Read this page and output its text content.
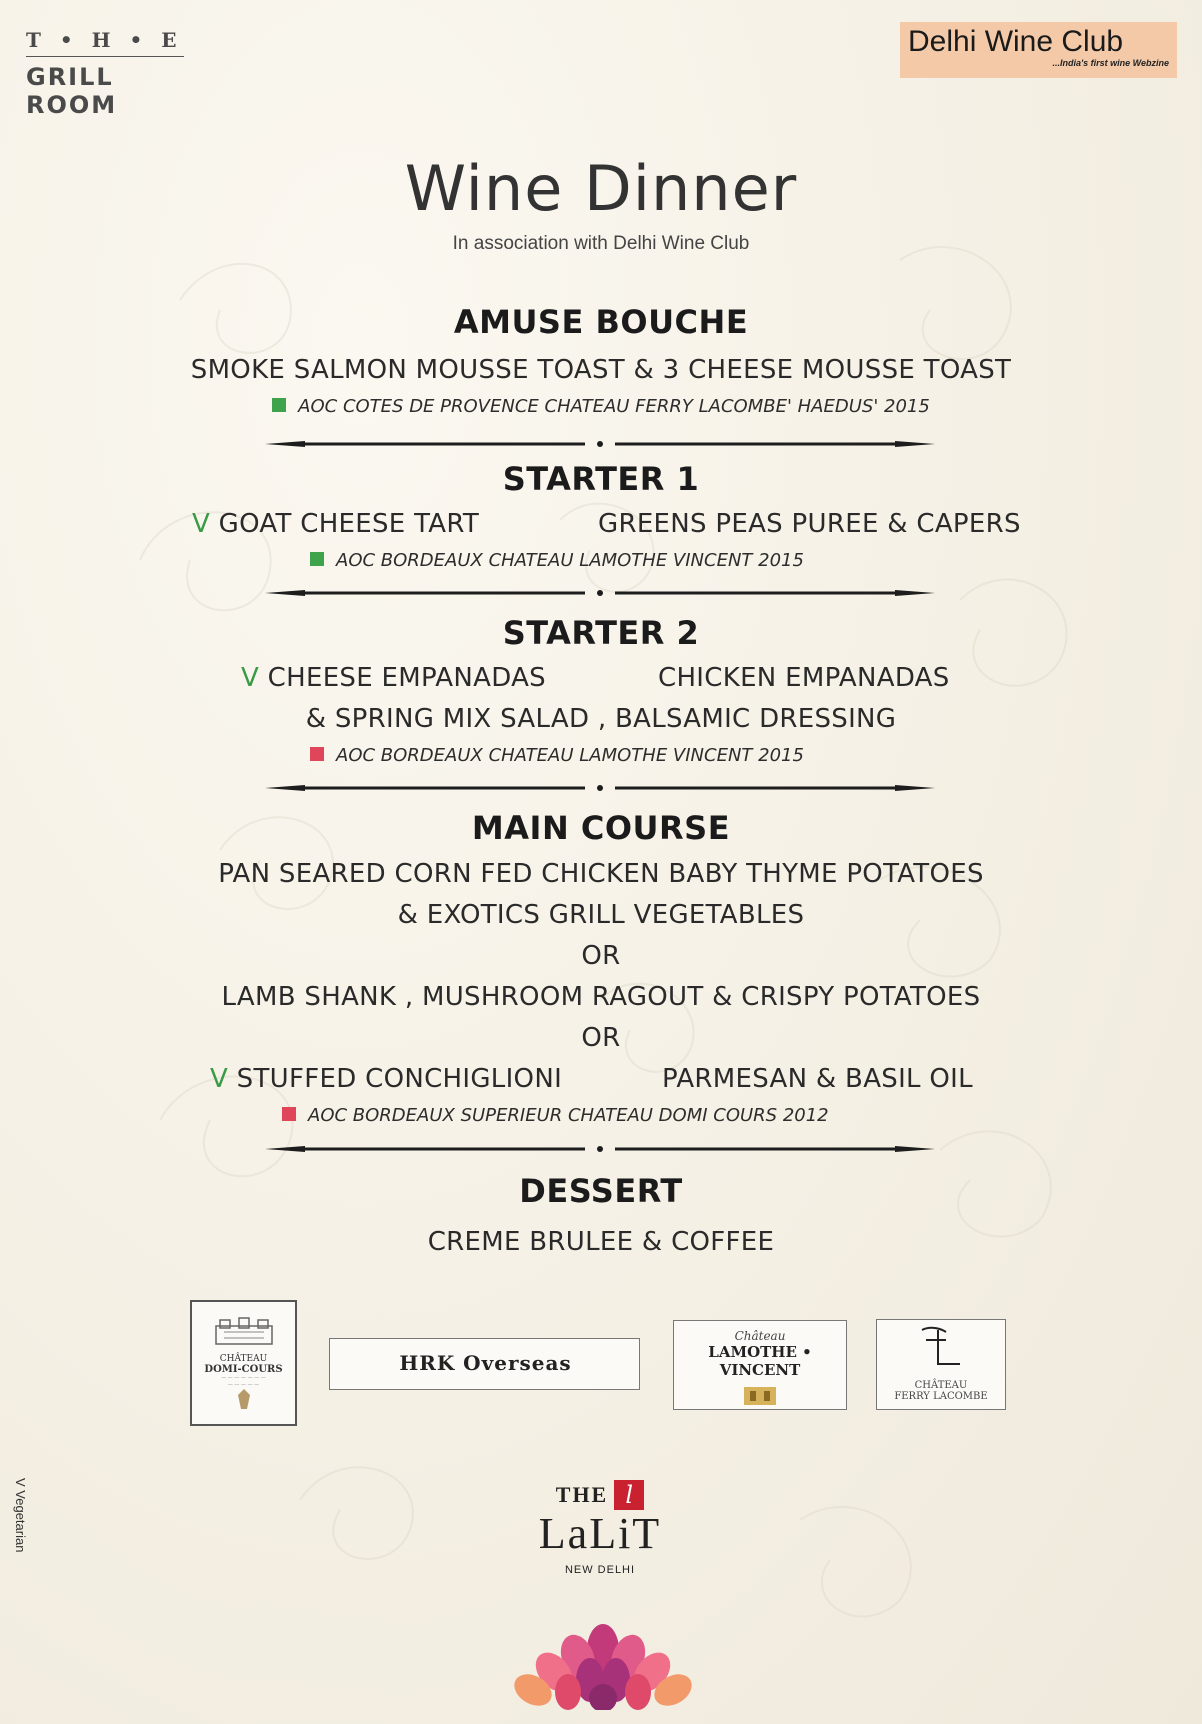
T • H • E
GRILL ROOM
Delhi Wine Club
...India's first wine Webzine
Wine Dinner
In association with Delhi Wine Club
AMUSE BOUCHE
SMOKE SALMON MOUSSE TOAST & 3 CHEESE MOUSSE TOAST
AOC COTES DE PROVENCE CHATEAU FERRY LACOMBE' HAEDUS' 2015
STARTER 1
V GOAT CHEESE TART	GREENS PEAS PUREE & CAPERS
AOC BORDEAUX CHATEAU LAMOTHE VINCENT 2015
STARTER 2
V CHEESE EMPANADAS	CHICKEN EMPANADAS
& SPRING MIX SALAD , BALSAMIC DRESSING
AOC BORDEAUX CHATEAU LAMOTHE VINCENT 2015
MAIN COURSE
PAN SEARED CORN FED CHICKEN BABY THYME POTATOES
& EXOTICS GRILL VEGETABLES
OR
LAMB SHANK , MUSHROOM RAGOUT & CRISPY POTATOES
OR
V STUFFED CONCHIGLIONI	PARMESAN & BASIL OIL
AOC BORDEAUX SUPERIEUR CHATEAU DOMI COURS 2012
DESSERT
CREME BRULEE & COFFEE
CHÂTEAU
DOMI-COURS
— — — — — — —
— — — — —
HRK Overseas
Château
LAMOTHE • VINCENT
CHÂTEAU
FERRY LACOMBE
V Vegetarian	THE l
LaLiT
NEW DELHI
